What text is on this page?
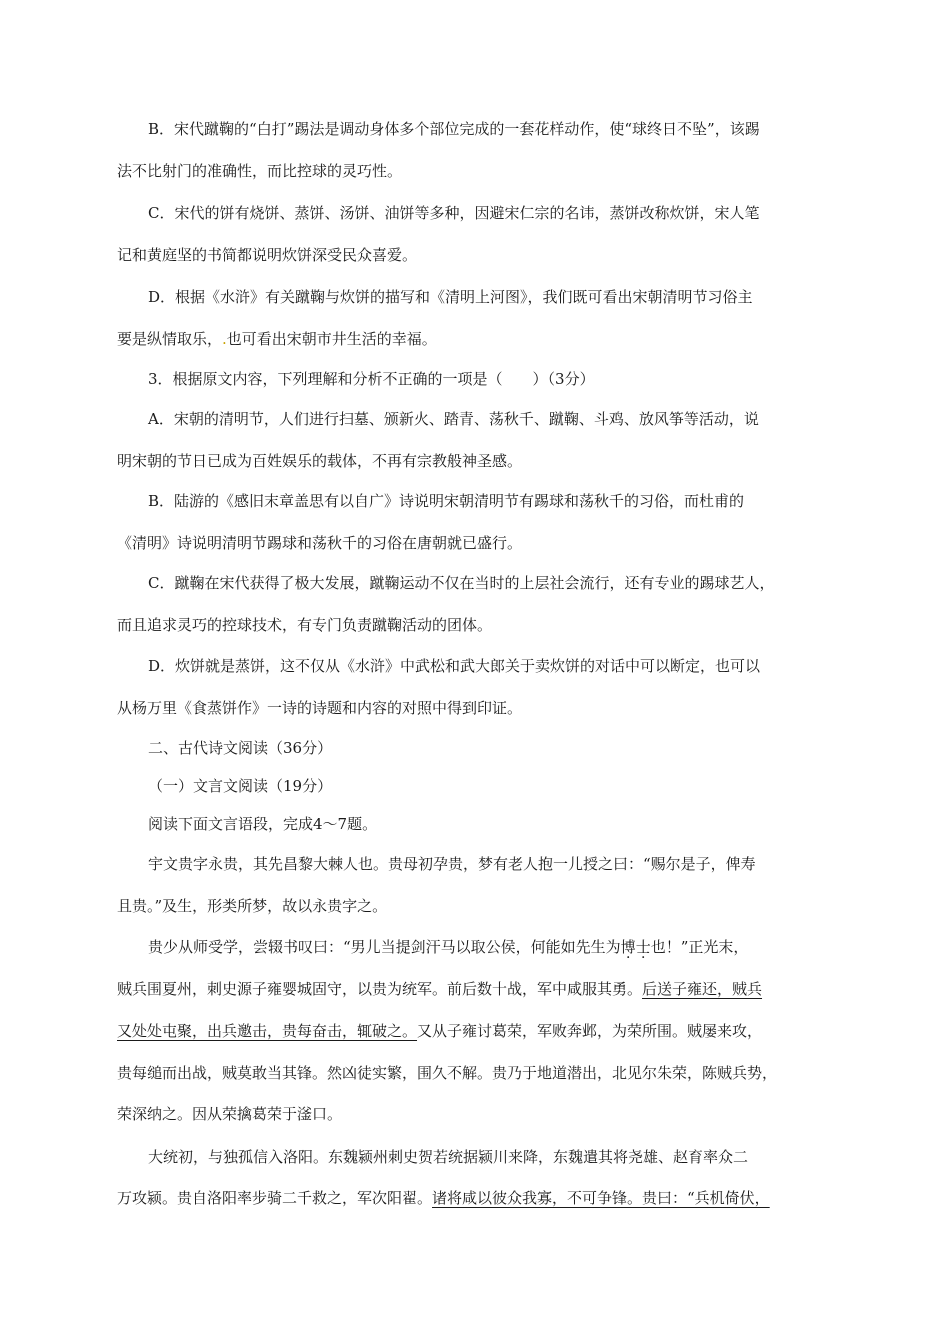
B．宋代蹴鞠的“白打”踢法是调动身体多个部位完成的一套花样动作，使“球终日不坠”，该踢
法不比射门的准确性，而比控球的灵巧性。
C．宋代的饼有烧饼、蒸饼、汤饼、油饼等多种，因避宋仁宗的名讳，蒸饼改称炊饼，宋人笔
记和黄庭坚的书简都说明炊饼深受民众喜爱。
D．根据《水浒》有关蹴鞠与炊饼的描写和《清明上河图》，我们既可看出宋朝清明节习俗主
要是纵情取乐，.也可看出宋朝市井生活的幸福。
3．根据原文内容，下列理解和分析不正确的一项是（　　）（3分）
A．宋朝的清明节，人们进行扫墓、颁新火、踏青、荡秋千、蹴鞠、斗鸡、放风筝等活动，说
明宋朝的节日已成为百姓娱乐的载体，不再有宗教般神圣感。
B．陆游的《感旧末章盖思有以自广》诗说明宋朝清明节有踢球和荡秋千的习俗，而杜甫的
《清明》诗说明清明节踢球和荡秋千的习俗在唐朝就已盛行。
C．蹴鞠在宋代获得了极大发展，蹴鞠运动不仅在当时的上层社会流行，还有专业的踢球艺人，
而且追求灵巧的控球技术，有专门负责蹴鞠活动的团体。
D．炊饼就是蒸饼，这不仅从《水浒》中武松和武大郎关于卖炊饼的对话中可以断定，也可以
从杨万里《食蒸饼作》一诗的诗题和内容的对照中得到印证。
二、古代诗文阅读（36分）
（一）文言文阅读（19分）
阅读下面文言语段，完成4～7题。
宇文贵字永贵，其先昌黎大棘人也。贵母初孕贵，梦有老人抱一儿授之曰：“赐尔是子，俾寿
且贵。”及生，形类所梦，故以永贵字之。
贵少从师受学，尝辍书叹曰：“男儿当提剑汗马以取公侯，何能如先生为博士也！”正光末，
贼兵围夏州，刺史源子雍婴城固守，以贵为统军。前后数十战，军中咸服其勇。后送子雍还，贼兵
又处处屯聚，出兵邀击，贵每奋击，辄破之。又从子雍讨葛荣，军败奔邺，为荣所围。贼屡来攻，
贵每缒而出战，贼莫敢当其锋。然凶徒实繁，围久不解。贵乃于地道潜出，北见尔朱荣，陈贼兵势，
荣深纳之。因从荣擒葛荣于滏口。
大统初，与独孤信入洛阳。东魏颍州刺史贺若统据颍川来降，东魏遣其将尧雄、赵育率众二
万攻颍。贵自洛阳率步骑二千救之，军次阳翟。诸将咸以彼众我寡，不可争锋。贵曰：“兵机倚伏，
